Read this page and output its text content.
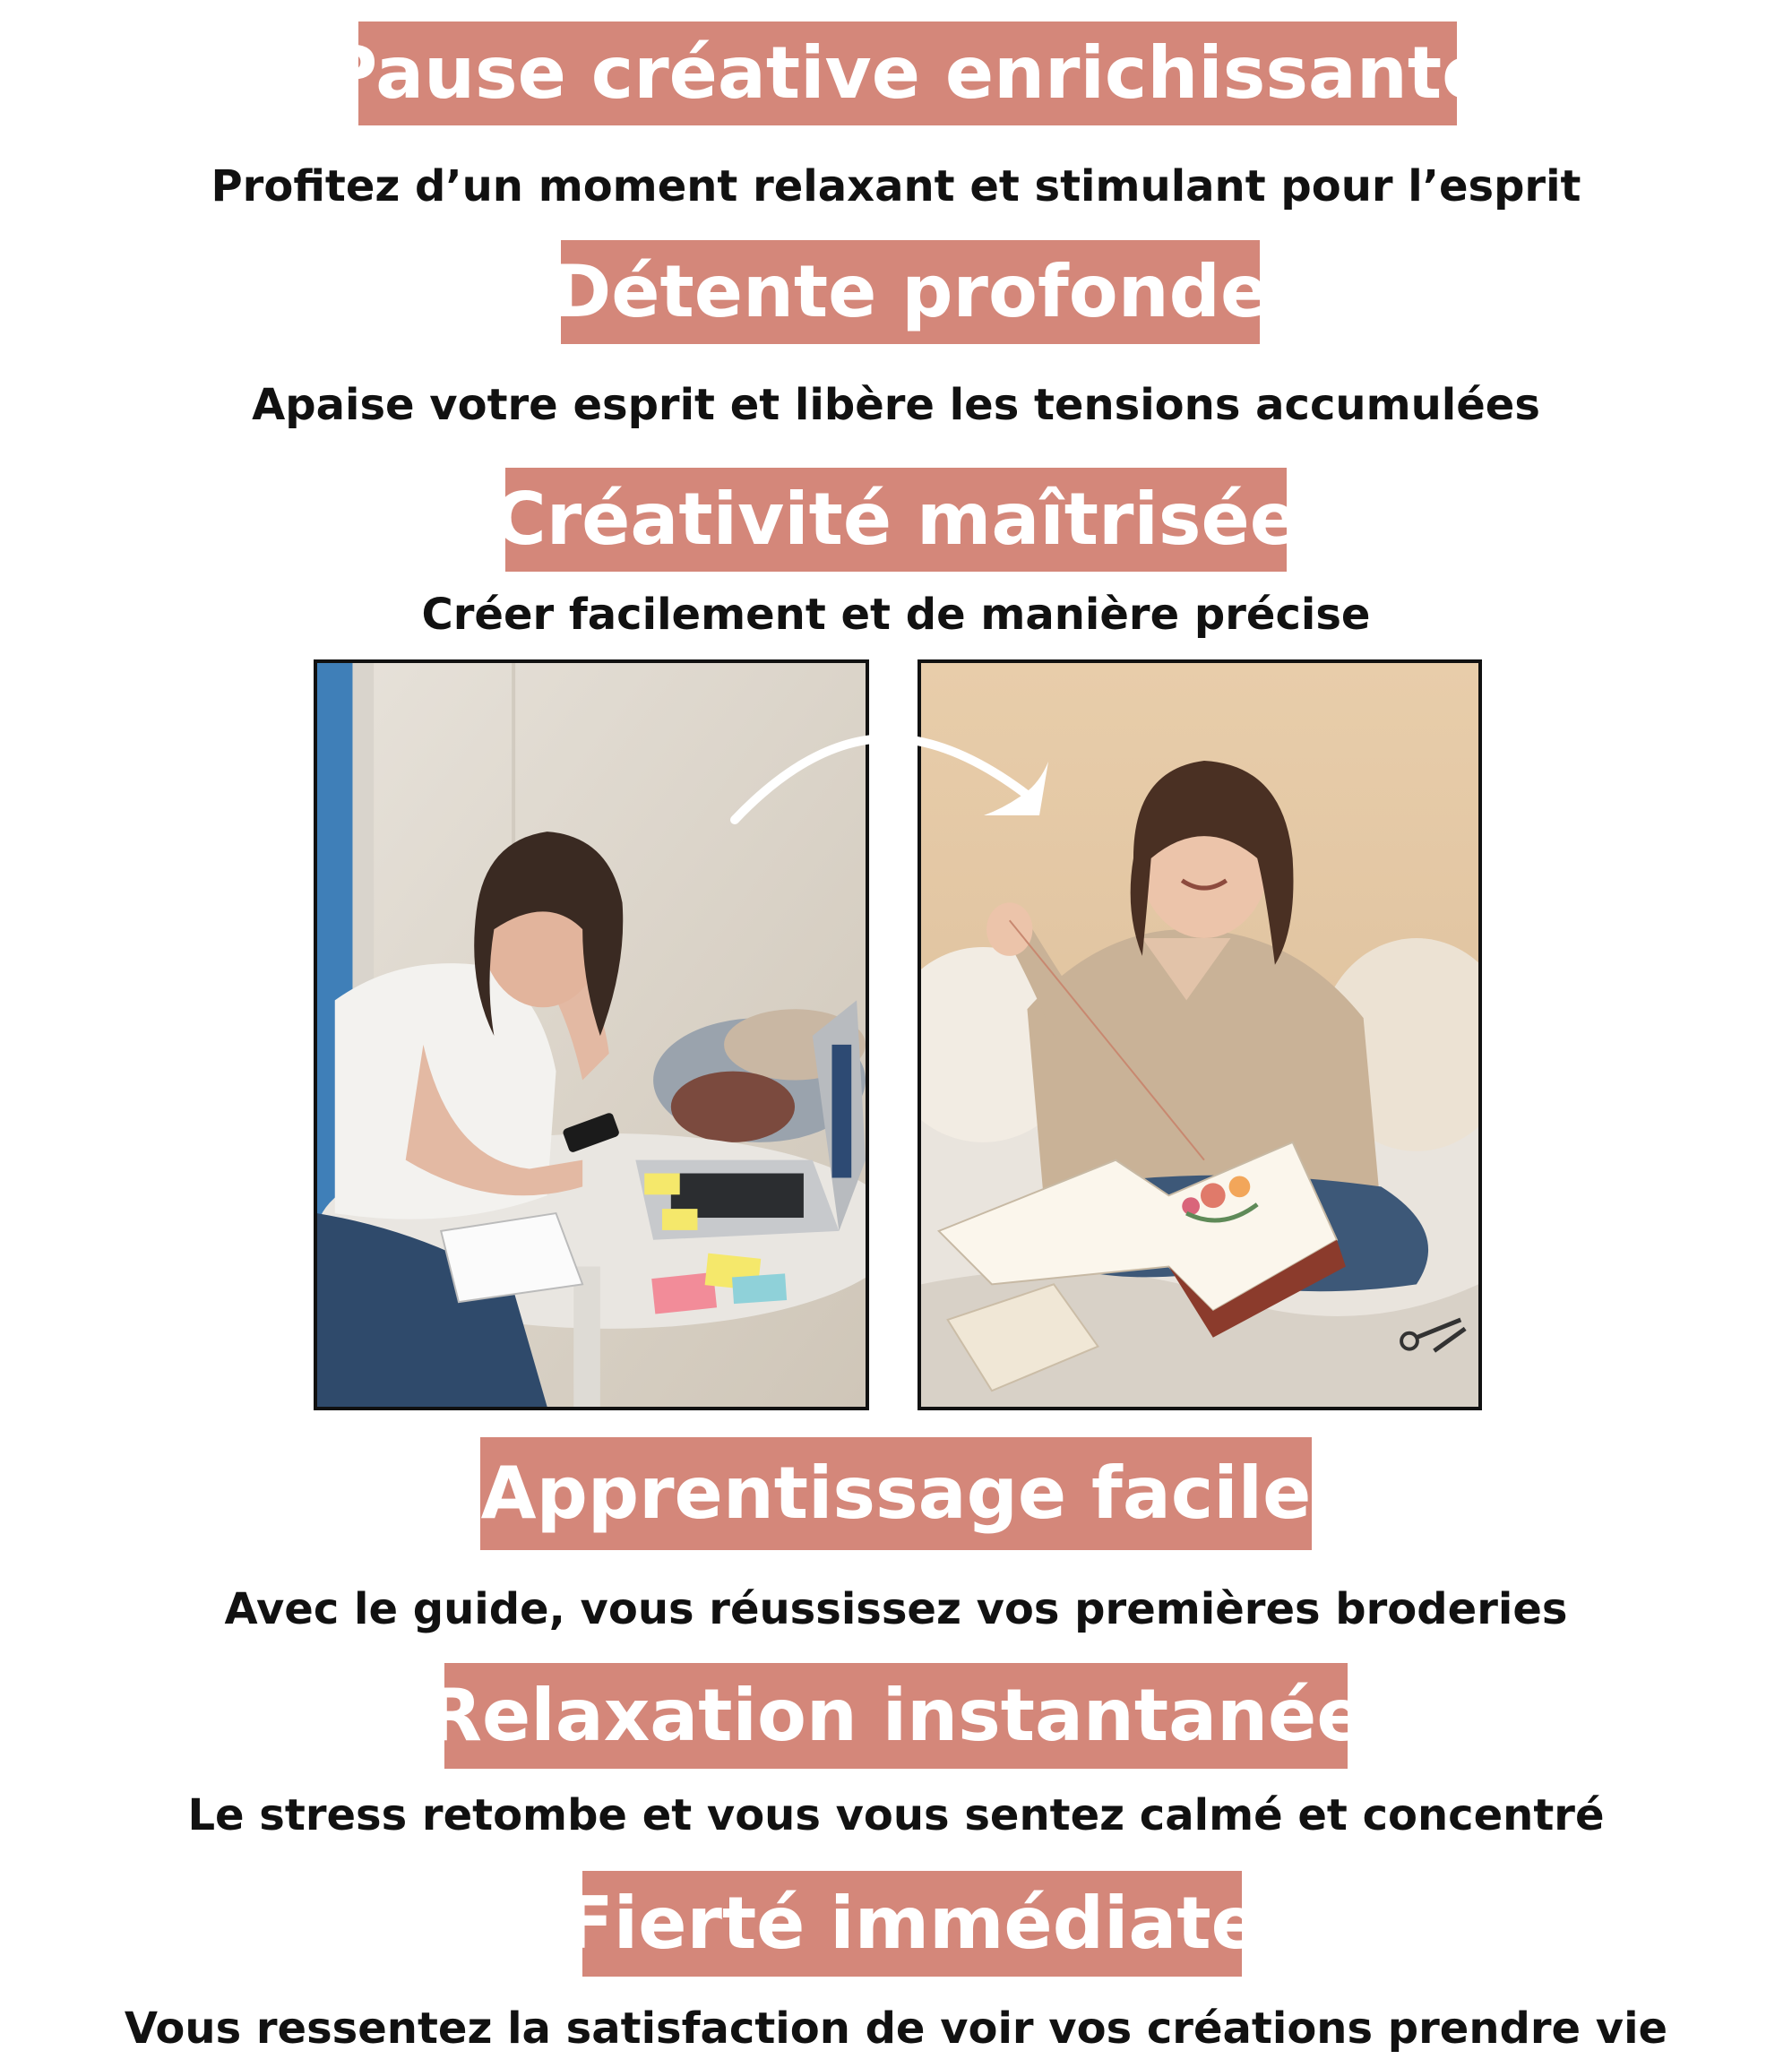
Pause créative enrichissante
Profitez d’un moment relaxant et stimulant pour l’esprit
Détente profonde
Apaise votre esprit et libère les tensions accumulées
Créativité maîtrisée
Créer facilement et de manière précise
Apprentissage facile
Avec le guide, vous réussissez vos premières broderies
Relaxation instantanée
Le stress retombe et vous vous sentez calmé et concentré
Fierté immédiate
Vous ressentez la satisfaction de voir vos créations prendre vie
